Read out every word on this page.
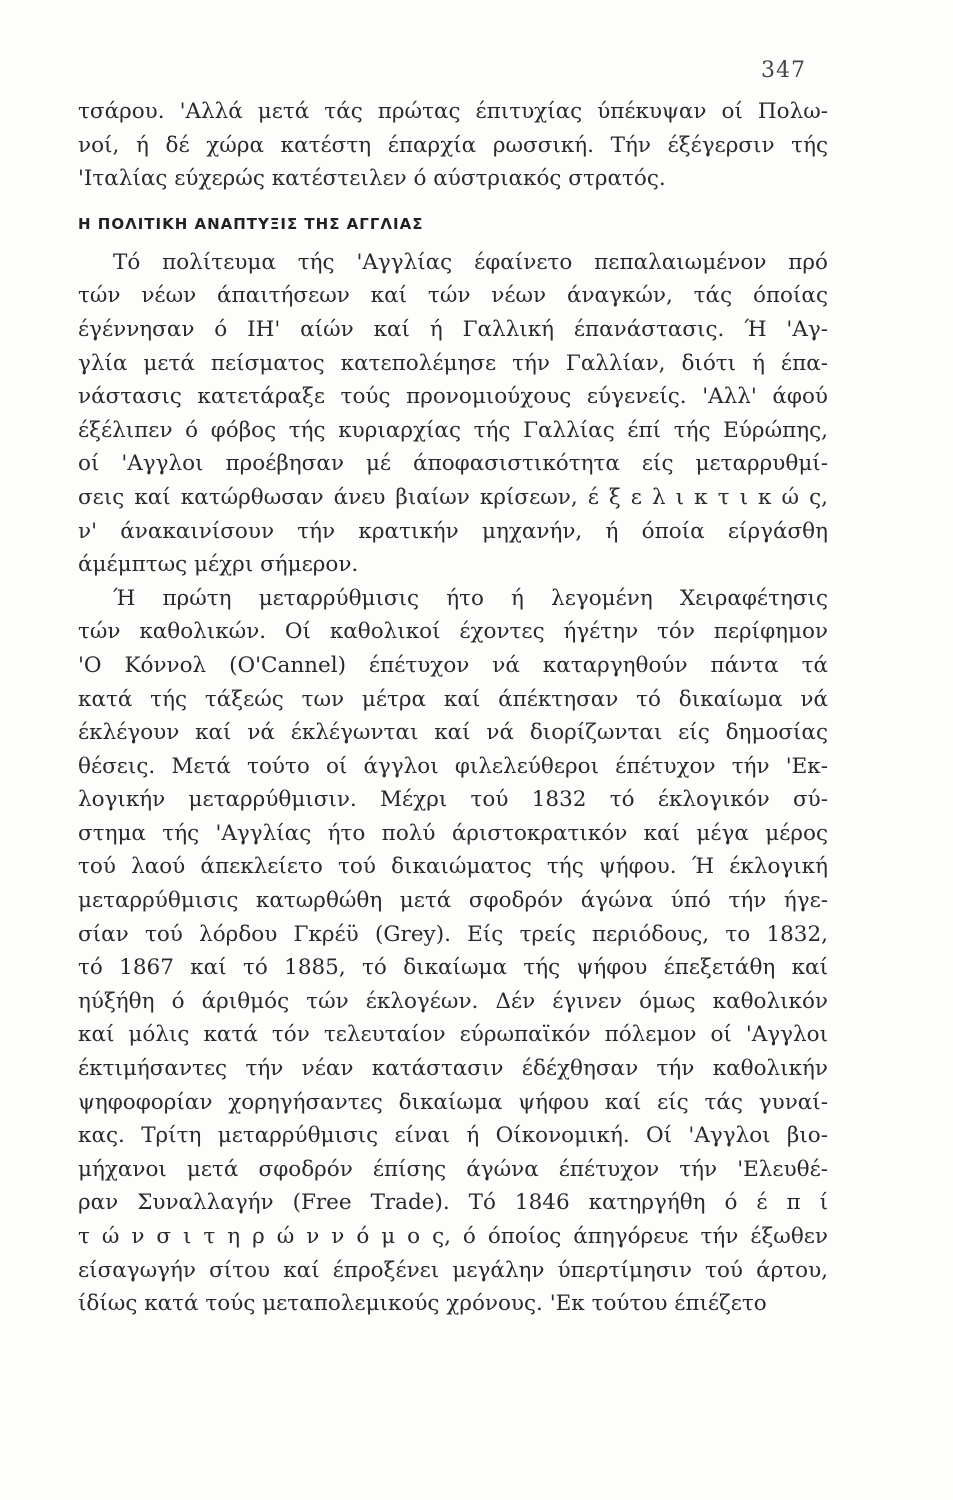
347
τσάρου. 'Αλλά μετά τάς πρώτας έπιτυχίας ύπέκυψαν οί Πολω-
νοί, ή δέ χώρα κατέστη έπαρχία ρωσσική. Τήν έξέγερσιν τής
'Ιταλίας εύχερώς κατέστειλεν ό αύστριακός στρατός.
Η ΠΟΛΙΤΙΚΗ ΑΝΑΠΤΥΞΙΣ ΤΗΣ ΑΓΓΛΙΑΣ
Τό πολίτευμα τής 'Αγγλίας έφαίνετο πεπαλαιωμένον πρό
τών νέων άπαιτήσεων καί τών νέων άναγκών, τάς όποίας
έγέννησαν ό ΙΗ' αίών καί ή Γαλλική έπανάστασις. Ή 'Αγ-
γλία μετά πείσματος κατεπολέμησε τήν Γαλλίαν, διότι ή έπα-
νάστασις κατετάραξε τούς προνομιούχους εύγενείς. 'Αλλ' άφού
έξέλιπεν ό φόβος τής κυριαρχίας τής Γαλλίας έπί τής Εύρώπης,
οί 'Αγγλοι προέβησαν μέ άποφασιστικότητα είς μεταρρυθμί-
σεις καί κατώρθωσαν άνευ βιαίων κρίσεων, έ ξ ε λ ι κ τ ι κ ώ ς,
ν' άνακαινίσουν τήν κρατικήν μηχανήν, ή όποία είργάσθη
άμέμπτως μέχρι σήμερον.
Ή πρώτη μεταρρύθμισις ήτο ή λεγομένη Χειραφέτησις
τών καθολικών. Οί καθολικοί έχοντες ήγέτην τόν περίφημον
'Ο Κόννολ (O'Cannel) έπέτυχον νά καταργηθούν πάντα τά
κατά τής τάξεώς των μέτρα καί άπέκτησαν τό δικαίωμα νά
έκλέγουν καί νά έκλέγωνται καί νά διορίζωνται είς δημοσίας
θέσεις. Μετά τούτο οί άγγλοι φιλελεύθεροι έπέτυχον τήν 'Εκ-
λογικήν μεταρρύθμισιν. Μέχρι τού 1832 τό έκλογικόν σύ-
στημα τής 'Αγγλίας ήτο πολύ άριστοκρατικόν καί μέγα μέρος
τού λαού άπεκλείετο τού δικαιώματος τής ψήφου. Ή έκλογική
μεταρρύθμισις κατωρθώθη μετά σφοδρόν άγώνα ύπό τήν ήγε-
σίαν τού λόρδου Γκρέϋ (Grey). Είς τρείς περιόδους, το 1832,
τό 1867 καί τό 1885, τό δικαίωμα τής ψήφου έπεξετάθη καί
ηύξήθη ό άριθμός τών έκλογέων. Δέν έγινεν όμως καθολικόν
καί μόλις κατά τόν τελευταίον εύρωπαϊκόν πόλεμον οί 'Αγγλοι
έκτιμήσαντες τήν νέαν κατάστασιν έδέχθησαν τήν καθολικήν
ψηφοφορίαν χορηγήσαντες δικαίωμα ψήφου καί είς τάς γυναί-
κας. Τρίτη μεταρρύθμισις είναι ή Οίκονομική. Οί 'Αγγλοι βιο-
μήχανοι μετά σφοδρόν έπίσης άγώνα έπέτυχον τήν 'Ελευθέ-
ραν Συναλλαγήν (Free Trade). Τό 1846 κατηργήθη ό έ π ί
τ ώ ν σ ι τ η ρ ώ ν ν ό μ ο ς, ό όποίος άπηγόρευε τήν έξωθεν
είσαγωγήν σίτου καί έπροξένει μεγάλην ύπερτίμησιν τού άρτου,
ίδίως κατά τούς μεταπολεμικούς χρόνους. 'Εκ τούτου έπιέζετο
